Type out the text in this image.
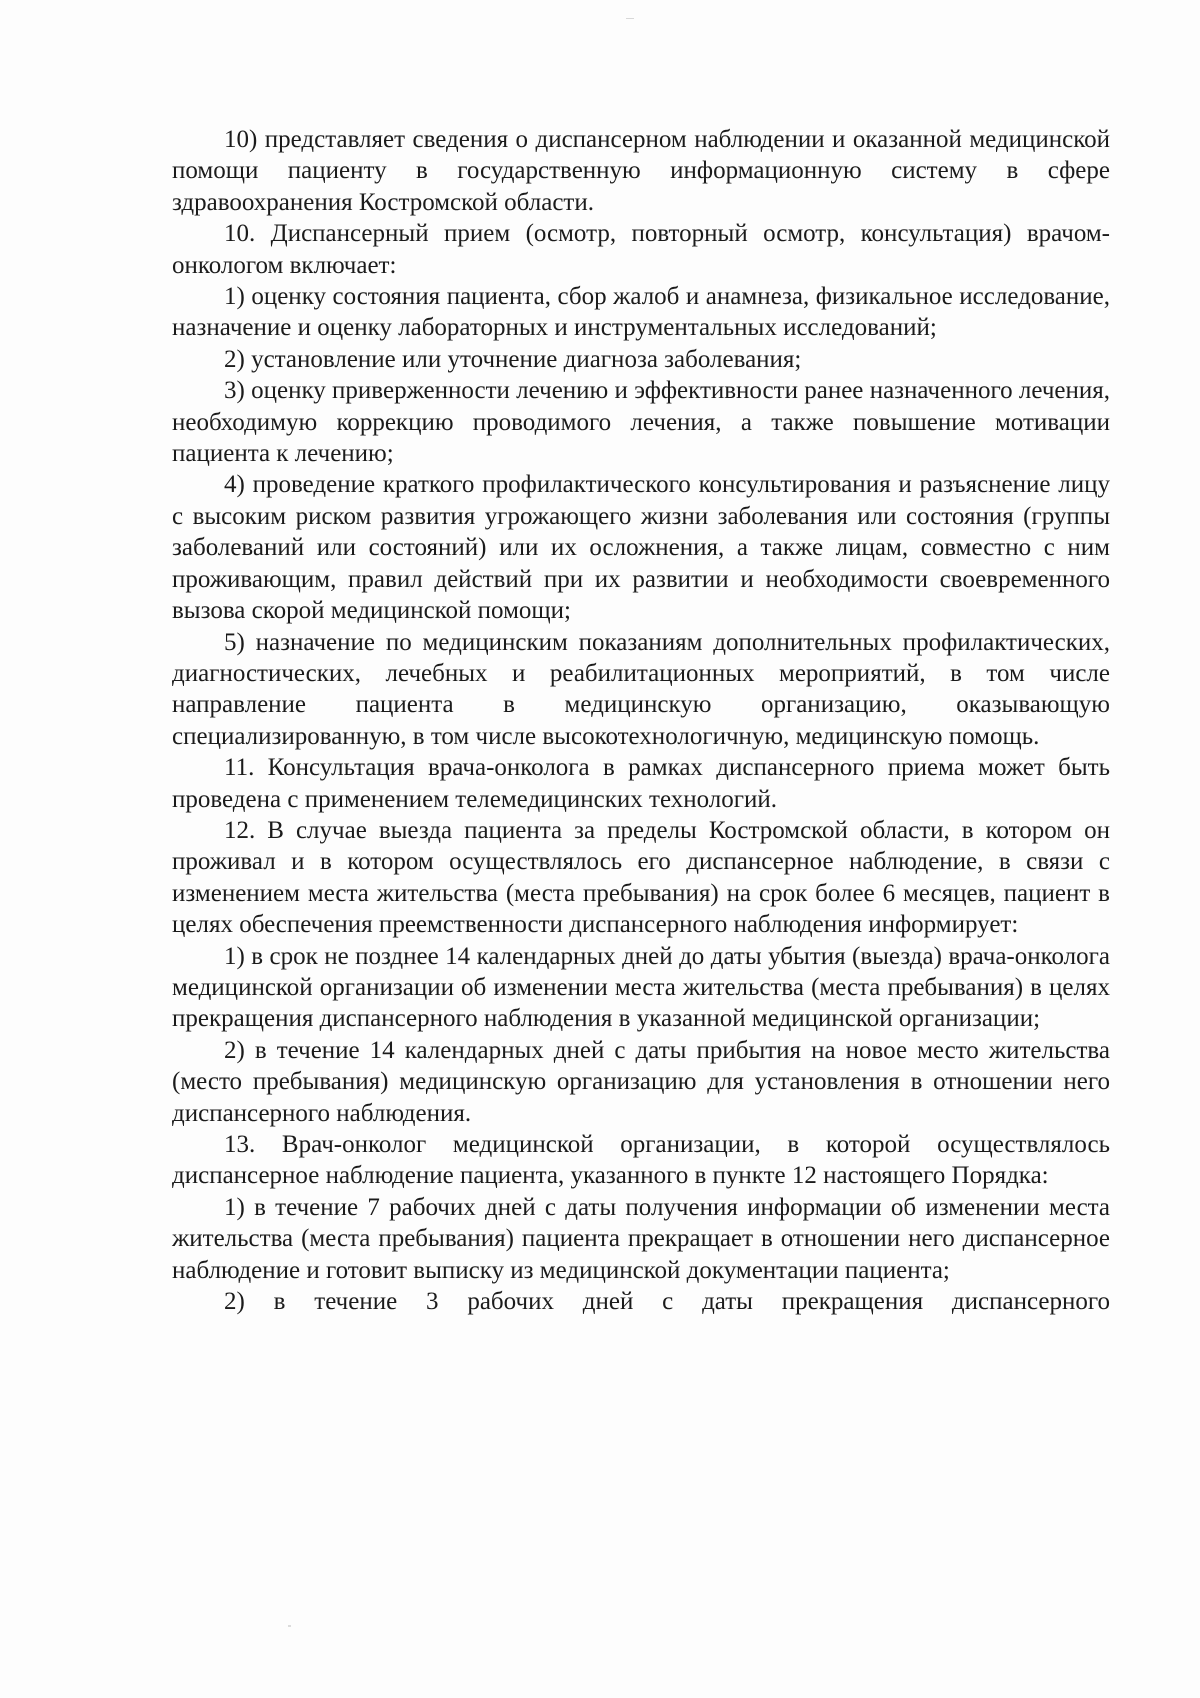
10) представляет сведения о диспансерном наблюдении и оказанной медицинской помощи пациенту в государственную информационную систему в сфере здравоохранения Костромской области.

10. Диспансерный прием (осмотр, повторный осмотр, консультация) врачом-онкологом включает:

1) оценку состояния пациента, сбор жалоб и анамнеза, физикальное исследование, назначение и оценку лабораторных и инструментальных исследований;

2) установление или уточнение диагноза заболевания;

3) оценку приверженности лечению и эффективности ранее назначенного лечения, необходимую коррекцию проводимого лечения, а также повышение мотивации пациента к лечению;

4) проведение краткого профилактического консультирования и разъяснение лицу с высоким риском развития угрожающего жизни заболевания или состояния (группы заболеваний или состояний) или их осложнения, а также лицам, совместно с ним проживающим, правил действий при их развитии и необходимости своевременного вызова скорой медицинской помощи;

5) назначение по медицинским показаниям дополнительных профилактических, диагностических, лечебных и реабилитационных мероприятий, в том числе направление пациента в медицинскую организацию, оказывающую специализированную, в том числе высокотехнологичную, медицинскую помощь.

11. Консультация врача-онколога в рамках диспансерного приема может быть проведена с применением телемедицинских технологий.

12. В случае выезда пациента за пределы Костромской области, в котором он проживал и в котором осуществлялось его диспансерное наблюдение, в связи с изменением места жительства (места пребывания) на срок более 6 месяцев, пациент в целях обеспечения преемственности диспансерного наблюдения информирует:

1) в срок не позднее 14 календарных дней до даты убытия (выезда) врача-онколога медицинской организации об изменении места жительства (места пребывания) в целях прекращения диспансерного наблюдения в указанной медицинской организации;

2) в течение 14 календарных дней с даты прибытия на новое место жительства (место пребывания) медицинскую организацию для установления в отношении него диспансерного наблюдения.

13. Врач-онколог медицинской организации, в которой осуществлялось диспансерное наблюдение пациента, указанного в пункте 12 настоящего Порядка:

1) в течение 7 рабочих дней с даты получения информации об изменении места жительства (места пребывания) пациента прекращает в отношении него диспансерное наблюдение и готовит выписку из медицинской документации пациента;

2) в течение 3 рабочих дней с даты прекращения диспансерного
